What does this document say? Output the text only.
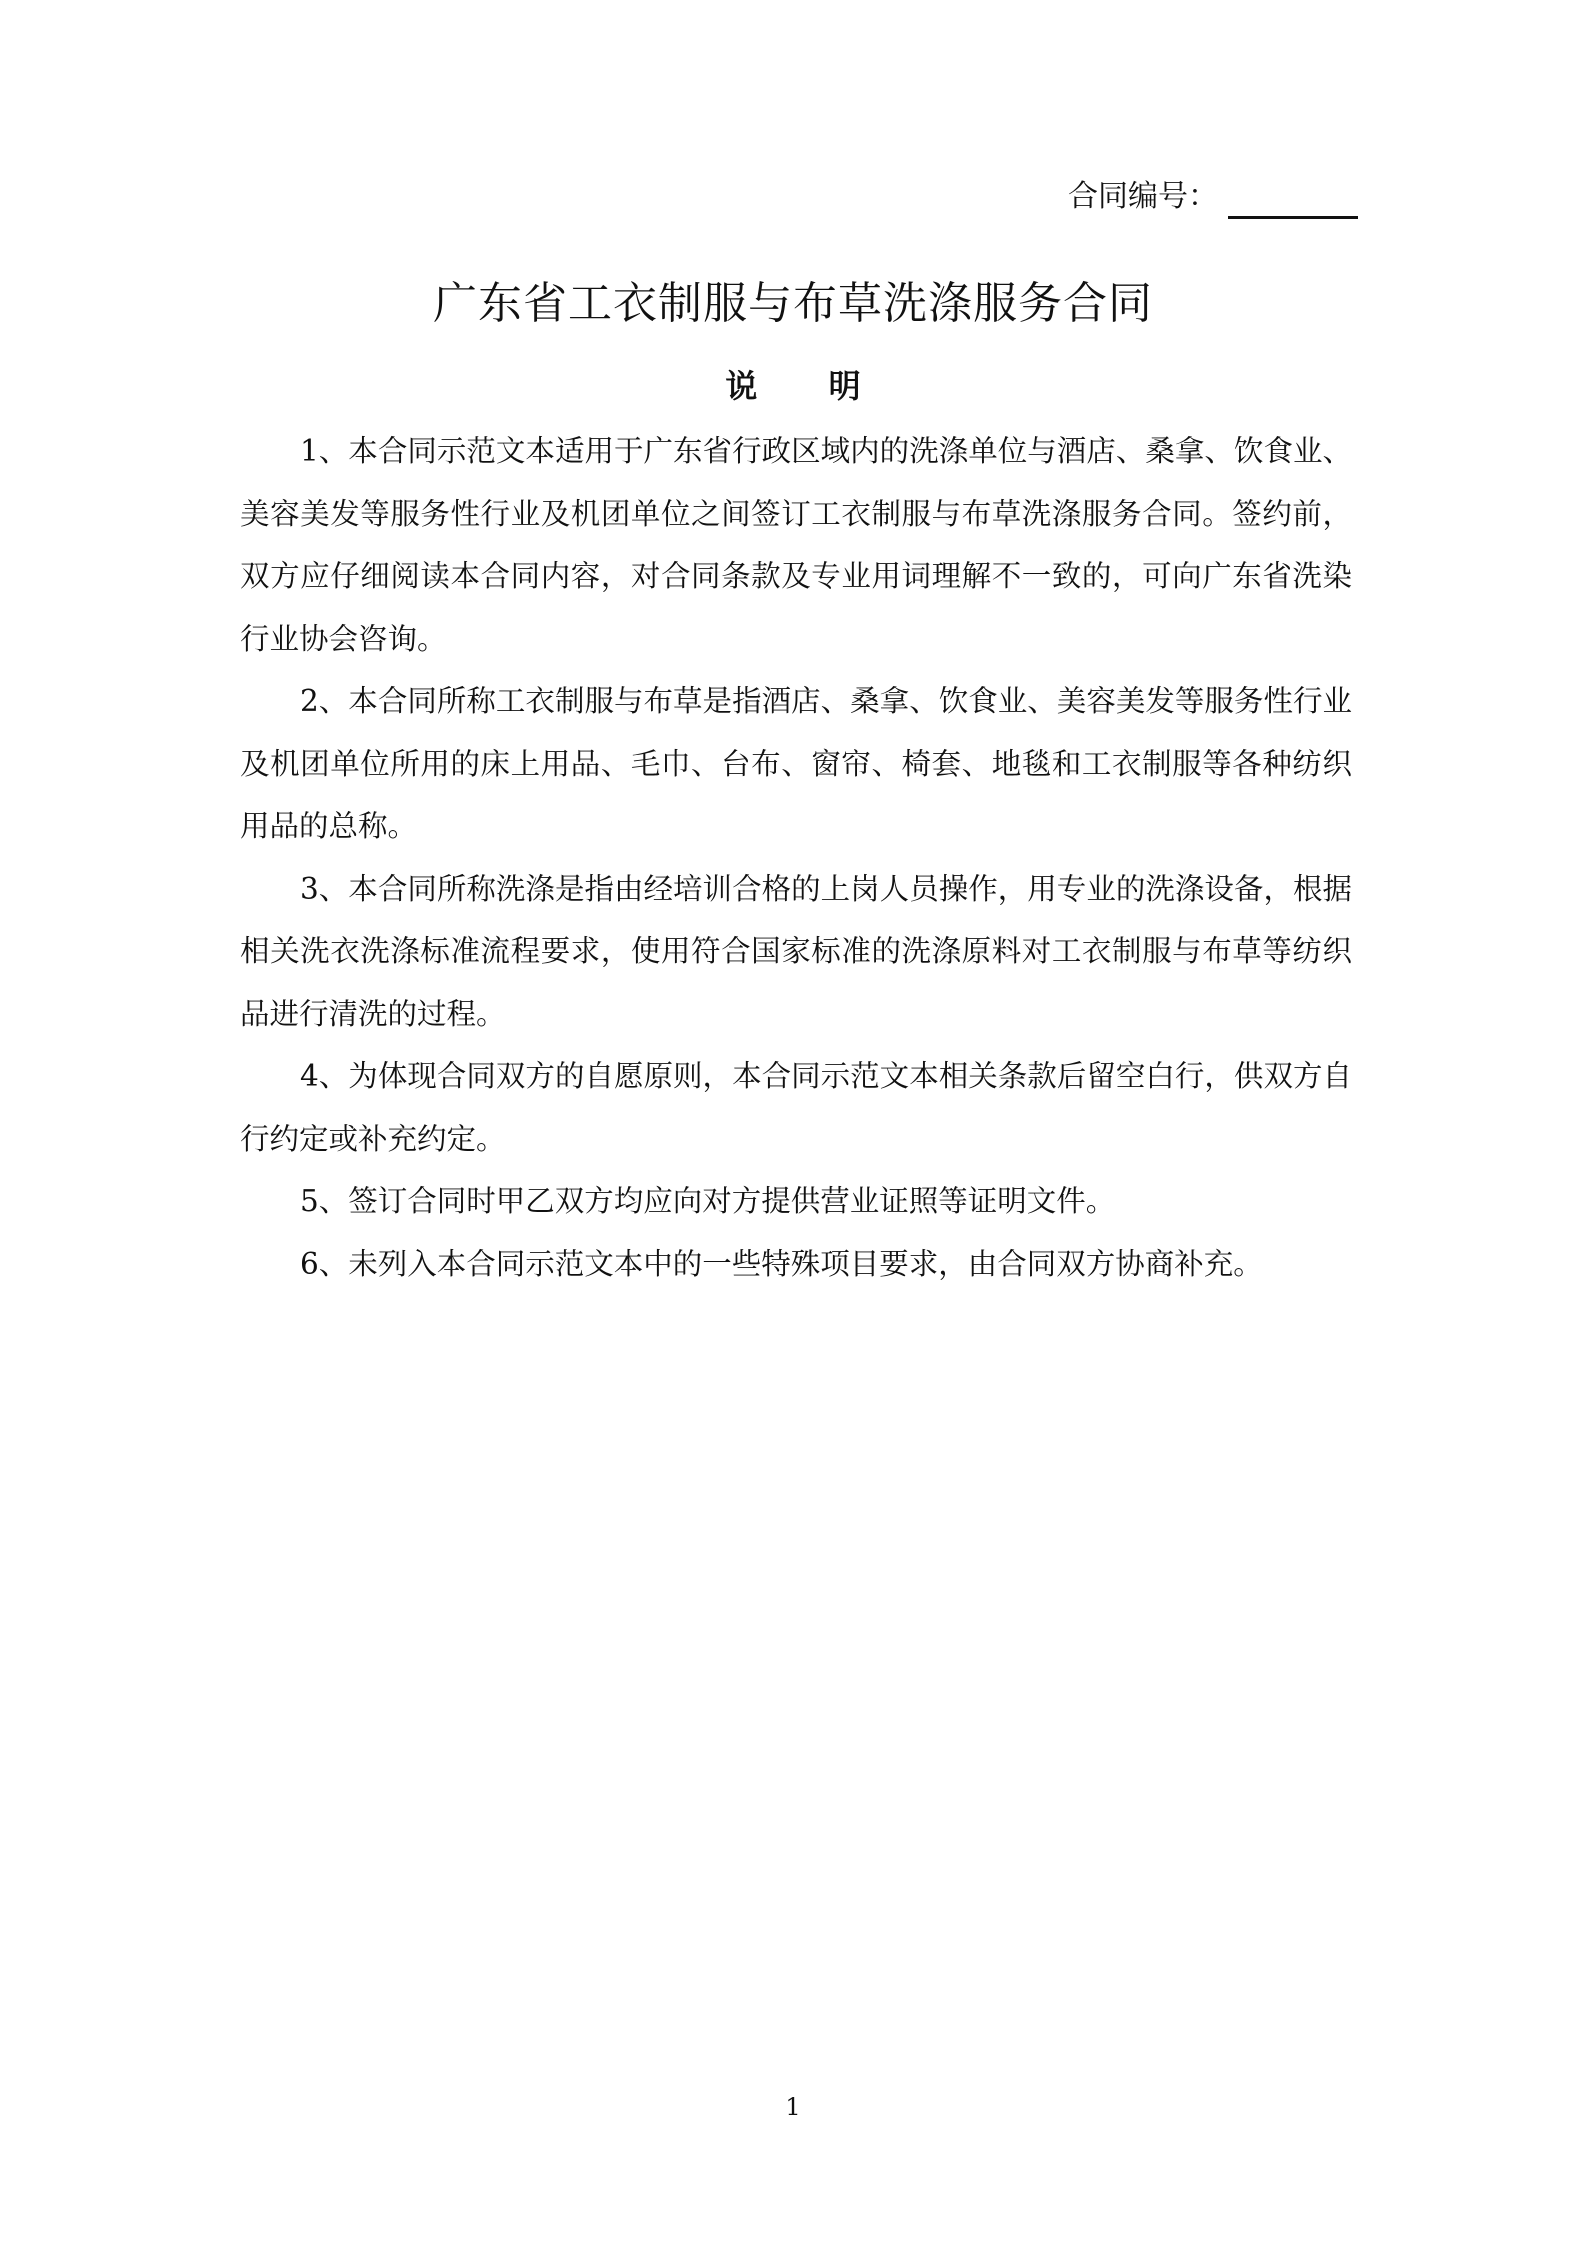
合同编号：
广东省工衣制服与布草洗涤服务合同
说 明

1、本合同示范文本适用于广东省行政区域内的洗涤单位与酒店、桑拿、饮食业、美容美发等服务性行业及机团单位之间签订工衣制服与布草洗涤服务合同。签约前，双方应仔细阅读本合同内容，对合同条款及专业用词理解不一致的，可向广东省洗染行业协会咨询。

2、本合同所称工衣制服与布草是指酒店、桑拿、饮食业、美容美发等服务性行业及机团单位所用的床上用品、毛巾、台布、窗帘、椅套、地毯和工衣制服等各种纺织用品的总称。

3、本合同所称洗涤是指由经培训合格的上岗人员操作，用专业的洗涤设备，根据相关洗衣洗涤标准流程要求，使用符合国家标准的洗涤原料对工衣制服与布草等纺织品进行清洗的过程。

4、为体现合同双方的自愿原则，本合同示范文本相关条款后留空白行，供双方自行约定或补充约定。

5、签订合同时甲乙双方均应向对方提供营业证照等证明文件。

6、未列入本合同示范文本中的一些特殊项目要求，由合同双方协商补充。

1
